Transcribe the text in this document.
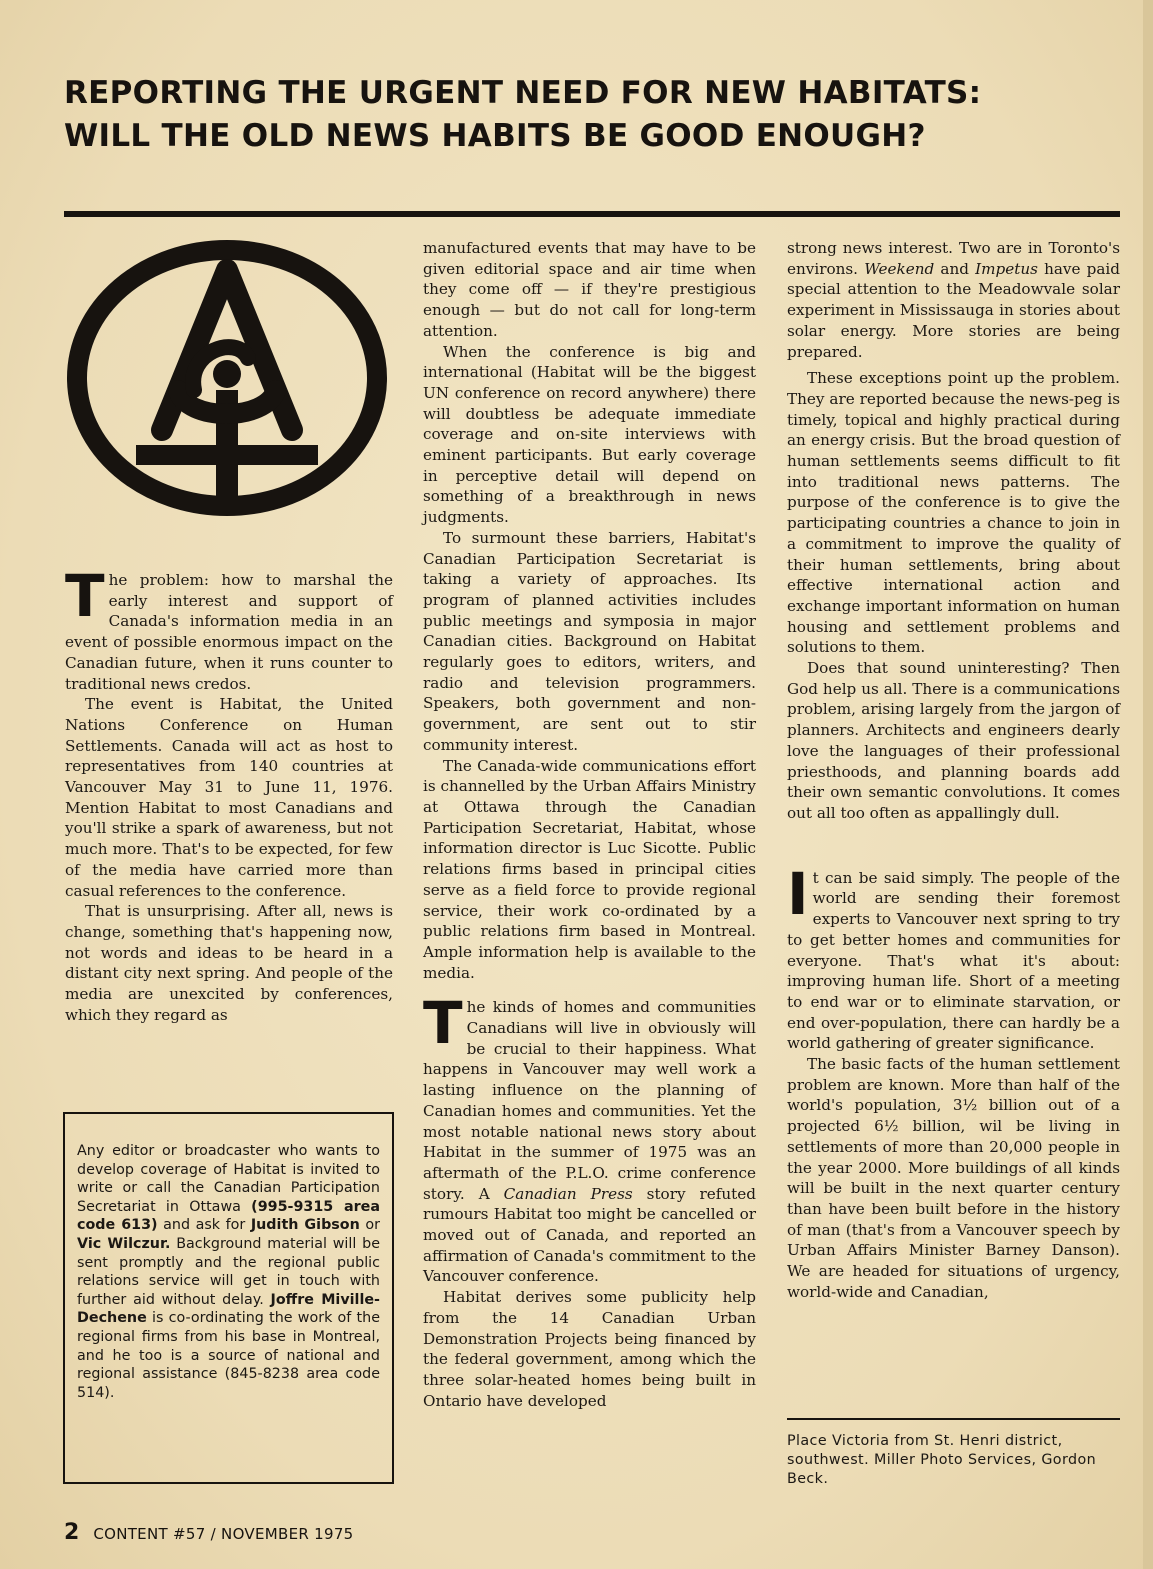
REPORTING THE URGENT NEED FOR NEW HABITATS:
WILL THE OLD NEWS HABITS BE GOOD ENOUGH?

The problem: how to marshal the early interest and support of Canada's information media in an event of possible enormous impact on the Canadian future, when it runs counter to traditional news credos.

The event is Habitat, the United Nations Conference on Human Settlements. Canada will act as host to representatives from 140 countries at Vancouver May 31 to June 11, 1976. Mention Habitat to most Canadians and you'll strike a spark of awareness, but not much more. That's to be expected, for few of the media have carried more than casual references to the conference.

That is unsurprising. After all, news is change, something that's happening now, not words and ideas to be heard in a distant city next spring. And people of the media are unexcited by conferences, which they regard as

Any editor or broadcaster who wants to develop coverage of Habitat is invited to write or call the Canadian Participation Secretariat in Ottawa (995-9315 area code 613) and ask for Judith Gibson or Vic Wilczur. Background material will be sent promptly and the regional public relations service will get in touch with further aid without delay. Joffre Miville-Dechene is co-ordinating the work of the regional firms from his base in Montreal, and he too is a source of national and regional assistance (845-8238 area code 514).

manufactured events that may have to be given editorial space and air time when they come off — if they're prestigious enough — but do not call for long-term attention.

When the conference is big and international (Habitat will be the biggest UN conference on record anywhere) there will doubtless be adequate immediate coverage and on-site interviews with eminent participants. But early coverage in perceptive detail will depend on something of a breakthrough in news judgments.

To surmount these barriers, Habitat's Canadian Participation Secretariat is taking a variety of approaches. Its program of planned activities includes public meetings and symposia in major Canadian cities. Background on Habitat regularly goes to editors, writers, and radio and television programmers. Speakers, both government and non-government, are sent out to stir community interest.

The Canada-wide communications effort is channelled by the Urban Affairs Ministry at Ottawa through the Canadian Participation Secretariat, Habitat, whose information director is Luc Sicotte. Public relations firms based in principal cities serve as a field force to provide regional service, their work co-ordinated by a public relations firm based in Montreal. Ample information help is available to the media.

The kinds of homes and communities Canadians will live in obviously will be crucial to their happiness. What happens in Vancouver may well work a lasting influence on the planning of Canadian homes and communities. Yet the most notable national news story about Habitat in the summer of 1975 was an aftermath of the P.L.O. crime conference story. A Canadian Press story refuted rumours Habitat too might be cancelled or moved out of Canada, and reported an affirmation of Canada's commitment to the Vancouver conference.

Habitat derives some publicity help from the 14 Canadian Urban Demonstration Projects being financed by the federal government, among which the three solar-heated homes being built in Ontario have developed

strong news interest. Two are in Toronto's environs. Weekend and Impetus have paid special attention to the Meadowvale solar experiment in Mississauga in stories about solar energy. More stories are being prepared.

These exceptions point up the problem. They are reported because the news-peg is timely, topical and highly practical during an energy crisis. But the broad question of human settlements seems difficult to fit into traditional news patterns. The purpose of the conference is to give the participating countries a chance to join in a commitment to improve the quality of their human settlements, bring about effective international action and exchange important information on human housing and settlement problems and solutions to them.

Does that sound uninteresting? Then God help us all. There is a communications problem, arising largely from the jargon of planners. Architects and engineers dearly love the languages of their professional priesthoods, and planning boards add their own semantic convolutions. It comes out all too often as appallingly dull.

It can be said simply. The people of the world are sending their foremost experts to Vancouver next spring to try to get better homes and communities for everyone. That's what it's about: improving human life. Short of a meeting to end war or to eliminate starvation, or end over-population, there can hardly be a world gathering of greater significance.

The basic facts of the human settlement problem are known. More than half of the world's population, 3½ billion out of a projected 6½ billion, wil be living in settlements of more than 20,000 people in the year 2000. More buildings of all kinds will be built in the next quarter century than have been built before in the history of man (that's from a Vancouver speech by Urban Affairs Minister Barney Danson). We are headed for situations of urgency, world-wide and Canadian,

Place Victoria from St. Henri district, southwest. Miller Photo Services, Gordon Beck.
2 CONTENT #57 / NOVEMBER 1975
